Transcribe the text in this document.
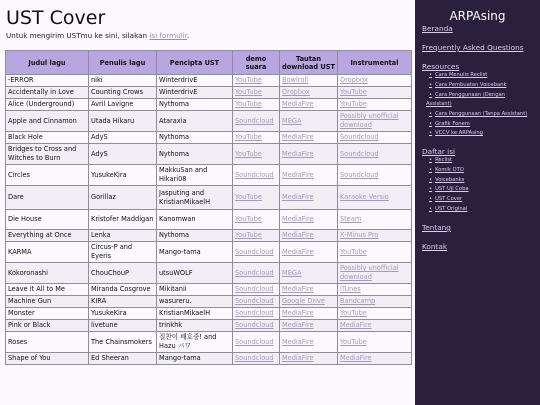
UST Cover
Untuk mengirim USTmu ke sini, silakan isi formulir.
Judul lagu	Penulis lagu	Pencipta UST	demo suara	Tautan download UST	Instrumental
-ERROR	niki	WinterdrivE	YouTube	Bowlroll	Dropbox
Accidentally in Love	Counting Crows	WinterdrivE	YouTube	Dropbox	YouTube
Alice (Underground)	Avril Lavigne	Nythoma	YouTube	MediaFire	YouTube
Apple and Cinnamon	Utada Hikaru	Ataraxia	Soundcloud	MEGA	Possibly unofficial download
Black Hole	AdyS	Nythoma	YouTube	MediaFire	Soundcloud
Bridges to Cross and Witches to Burn	AdyS	Nythoma	YouTube	MediaFire	Soundcloud
Circles	YusukeKira	MakkuSan and Hikari08	Soundcloud	MediaFire	Soundcloud
Dare	Gorillaz	Jasputing and KristianMikaelH	YouTube	MediaFire	Karaoke Versio
Die House	Kristofer Maddigan	Kanomwan	YouTube	MediaFire	Steam
Everything at Once	Lenka	Nythoma	YouTube	MediaFire	X-Minus Pro
KARMA	Circus-P and Eyeris	Mango-tama	Soundcloud	MediaFire	YouTube
Kokoronashi	ChouChouP	utsuWOLF	Soundcloud	MEGA	Possibly unofficial download
Leave it All to Me	Miranda Cosgrove	Mikitanii	Soundcloud	MediaFire	iTunes
Machine Gun	KIRA	wasureru.	Soundcloud	Google Drive	Bandcamp
Monster	YusukeKira	KristianMikaelH	Soundcloud	MediaFire	YouTube
Pink or Black	livetune	trinkhk	Soundcloud	MediaFire	MediaFire
Roses	The Chainsmokers	질찬이 배호중! and Hazu パワ	Soundcloud	MediaFire	YouTube
Shape of You	Ed Sheeran	Mango-tama	Soundcloud	MediaFire	MediaFire
ARPAsing
Beranda
Frequently Asked Questions
Resources
• Cara Menulis Reclist
• Cara Pembuatan Voicebank
• Cara Penggunaan (Dengan
Assistant)
• Cara Penggunaan (Tanpa Assistant)
• Grafik Fonem
• VCCV ke ARPAsing
Daftar isi
• Reclist
• Komik OTO
• Voicebanks
• UST Uji Coba
• UST Cover
• UST Original
Tentang
Kontak
